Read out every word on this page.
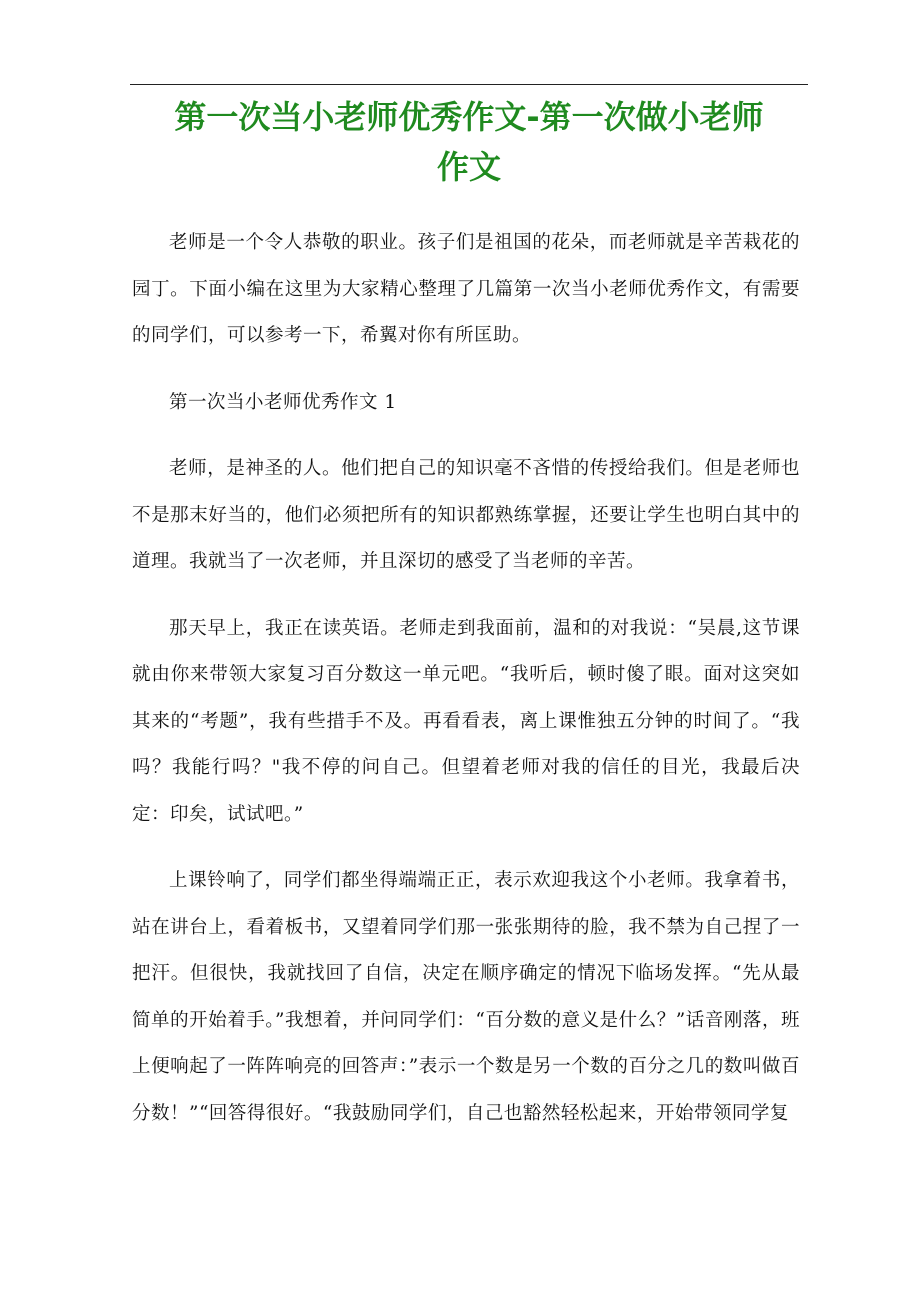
第一次当小老师优秀作文-第一次做小老师
作文

老师是一个令人恭敬的职业。孩子们是祖国的花朵，而老师就是辛苦栽花的园丁。下面小编在这里为大家精心整理了几篇第一次当小老师优秀作文，有需要的同学们，可以参考一下，希翼对你有所匡助。

第一次当小老师优秀作文 1

老师，是神圣的人。他们把自己的知识毫不吝惜的传授给我们。但是老师也不是那末好当的，他们必须把所有的知识都熟练掌握，还要让学生也明白其中的道理。我就当了一次老师，并且深切的感受了当老师的辛苦。

那天早上，我正在读英语。老师走到我面前，温和的对我说：“吴晨,这节课就由你来带领大家复习百分数这一单元吧。“我听后，顿时傻了眼。面对这突如其来的“考题”，我有些措手不及。再看看表，离上课惟独五分钟的时间了。“我吗？我能行吗？"我不停的问自己。但望着老师对我的信任的目光，我最后决定：印矣，试试吧。”

上课铃响了，同学们都坐得端端正正，表示欢迎我这个小老师。我拿着书，站在讲台上，看着板书，又望着同学们那一张张期待的脸，我不禁为自己捏了一把汗。但很快，我就找回了自信，决定在顺序确定的情况下临场发挥。“先从最简单的开始着手。”我想着，并问同学们：“百分数的意义是什么？”话音刚落，班上便响起了一阵阵响亮的回答声：”表示一个数是另一个数的百分之几的数叫做百分数！”“回答得很好。“我鼓励同学们，自己也豁然轻松起来，开始带领同学复
